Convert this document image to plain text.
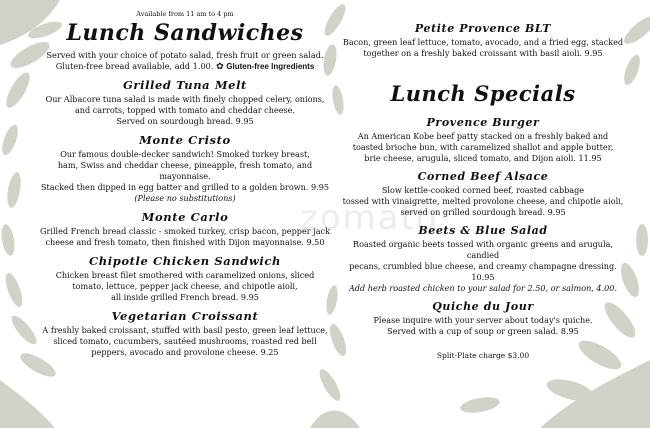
zomato
Available from 11 am to 4 pm
Lunch Sandwiches
Served with your choice of potato salad, fresh fruit or green salad.
Gluten-free bread available, add 1.00. ✿ Gluten-free Ingredients
Grilled Tuna Melt
Our Albacore tuna salad is made with finely chopped celery, onions,
and carrots, topped with tomato and cheddar cheese.
Served on sourdough bread. 9.95
Monte Cristo
Our famous double-decker sandwich! Smoked turkey breast,
ham, Swiss and cheddar cheese, pineapple, fresh tomato, and mayonnaise.
Stacked then dipped in egg batter and grilled to a golden brown. 9.95
(Please no substitutions)
Monte Carlo
Grilled French bread classic - smoked turkey, crisp bacon, pepper jack
cheese and fresh tomato, then finished with Dijon mayonnaise. 9.50
Chipotle Chicken Sandwich
Chicken breast filet smothered with caramelized onions, sliced
tomato, lettuce, pepper jack cheese, and chipotle aioli,
all inside grilled French bread. 9.95
Vegetarian Croissant
A freshly baked croissant, stuffed with basil pesto, green leaf lettuce,
sliced tomato, cucumbers, sautéed mushrooms, roasted red bell
peppers, avocado and provolone cheese. 9.25
Petite Provence BLT
Bacon, green leaf lettuce, tomato, avocado, and a fried egg, stacked
together on a freshly baked croissant with basil aioli. 9.95
Lunch Specials
Provence Burger
An American Kobe beef patty stacked on a freshly baked and
toasted brioche bun, with caramelized shallot and apple butter,
brie cheese, arugula, sliced tomato, and Dijon aioli. 11.95
Corned Beef Alsace
Slow kettle-cooked corned beef, roasted cabbage
tossed with vinaigrette, melted provolone cheese, and chipotle aioli,
served on grilled sourdough bread. 9.95
Beets & Blue Salad
Roasted organic beets tossed with organic greens and arugula, candied
pecans, crumbled blue cheese, and creamy champagne dressing. 10.95
Add herb roasted chicken to your salad for 2.50, or salmon, 4.00.
Quiche du Jour
Please inquire with your server about today's quiche.
Served with a cup of soup or green salad. 8.95
Split-Plate charge $3.00
